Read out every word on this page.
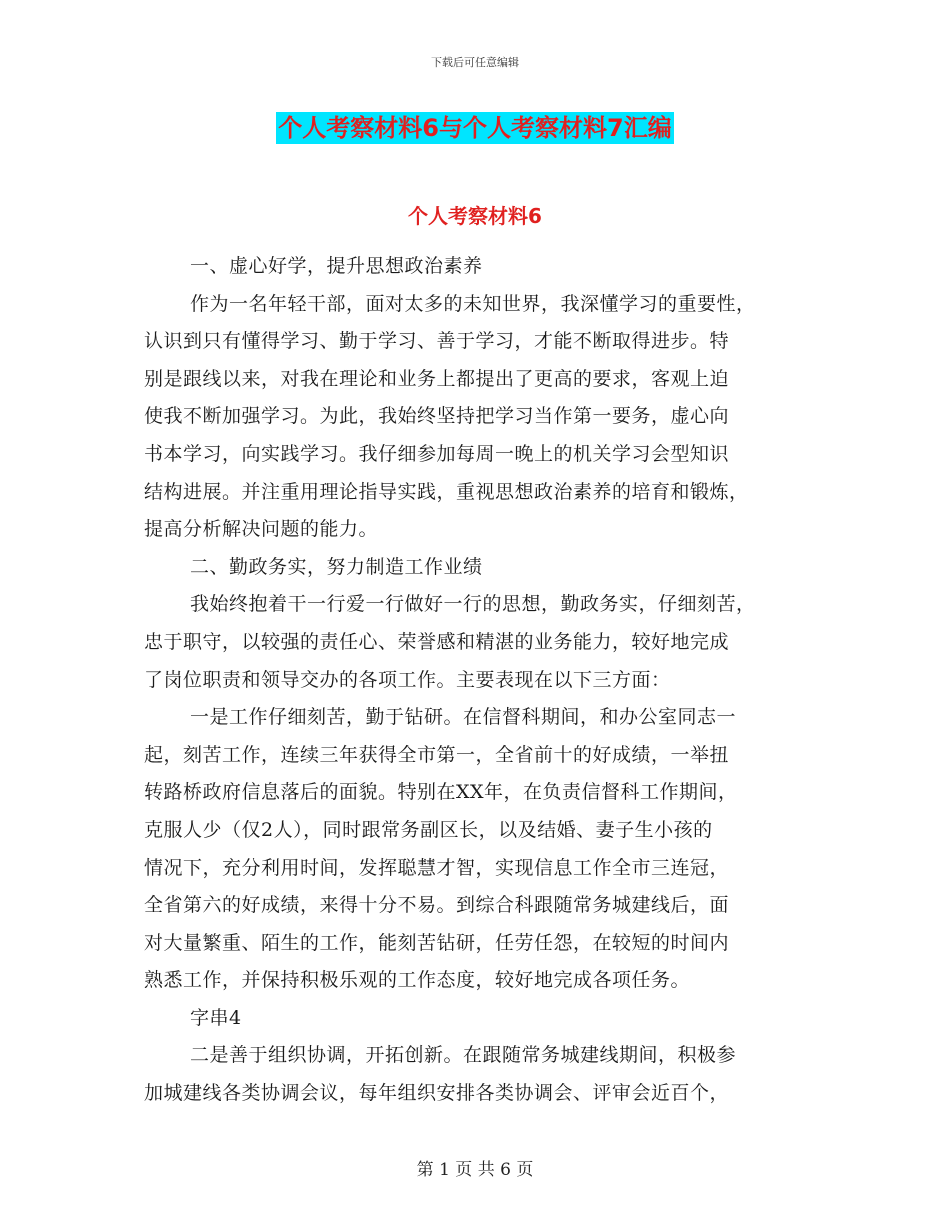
下载后可任意编辑
个人考察材料6与个人考察材料7汇编
个人考察材料6
一、虚心好学，提升思想政治素养
作为一名年轻干部，面对太多的未知世界，我深懂学习的重要性，
认识到只有懂得学习、勤于学习、善于学习，才能不断取得进步。特
别是跟线以来，对我在理论和业务上都提出了更高的要求，客观上迫
使我不断加强学习。为此，我始终坚持把学习当作第一要务，虚心向
书本学习，向实践学习。我仔细参加每周一晚上的机关学习会型知识
结构进展。并注重用理论指导实践，重视思想政治素养的培育和锻炼，
提高分析解决问题的能力。
二、勤政务实，努力制造工作业绩
我始终抱着干一行爱一行做好一行的思想，勤政务实，仔细刻苦，
忠于职守，以较强的责任心、荣誉感和精湛的业务能力，较好地完成
了岗位职责和领导交办的各项工作。主要表现在以下三方面：
一是工作仔细刻苦，勤于钻研。在信督科期间，和办公室同志一
起，刻苦工作，连续三年获得全市第一，全省前十的好成绩，一举扭
转路桥政府信息落后的面貌。特别在XX年，在负责信督科工作期间，
克服人少（仅2人），同时跟常务副区长，以及结婚、妻子生小孩的
情况下，充分利用时间，发挥聪慧才智，实现信息工作全市三连冠，
全省第六的好成绩，来得十分不易。到综合科跟随常务城建线后，面
对大量繁重、陌生的工作，能刻苦钻研，任劳任怨，在较短的时间内
熟悉工作，并保持积极乐观的工作态度，较好地完成各项任务。
字串4
二是善于组织协调，开拓创新。在跟随常务城建线期间，积极参
加城建线各类协调会议，每年组织安排各类协调会、评审会近百个，
第 1 页 共 6 页
